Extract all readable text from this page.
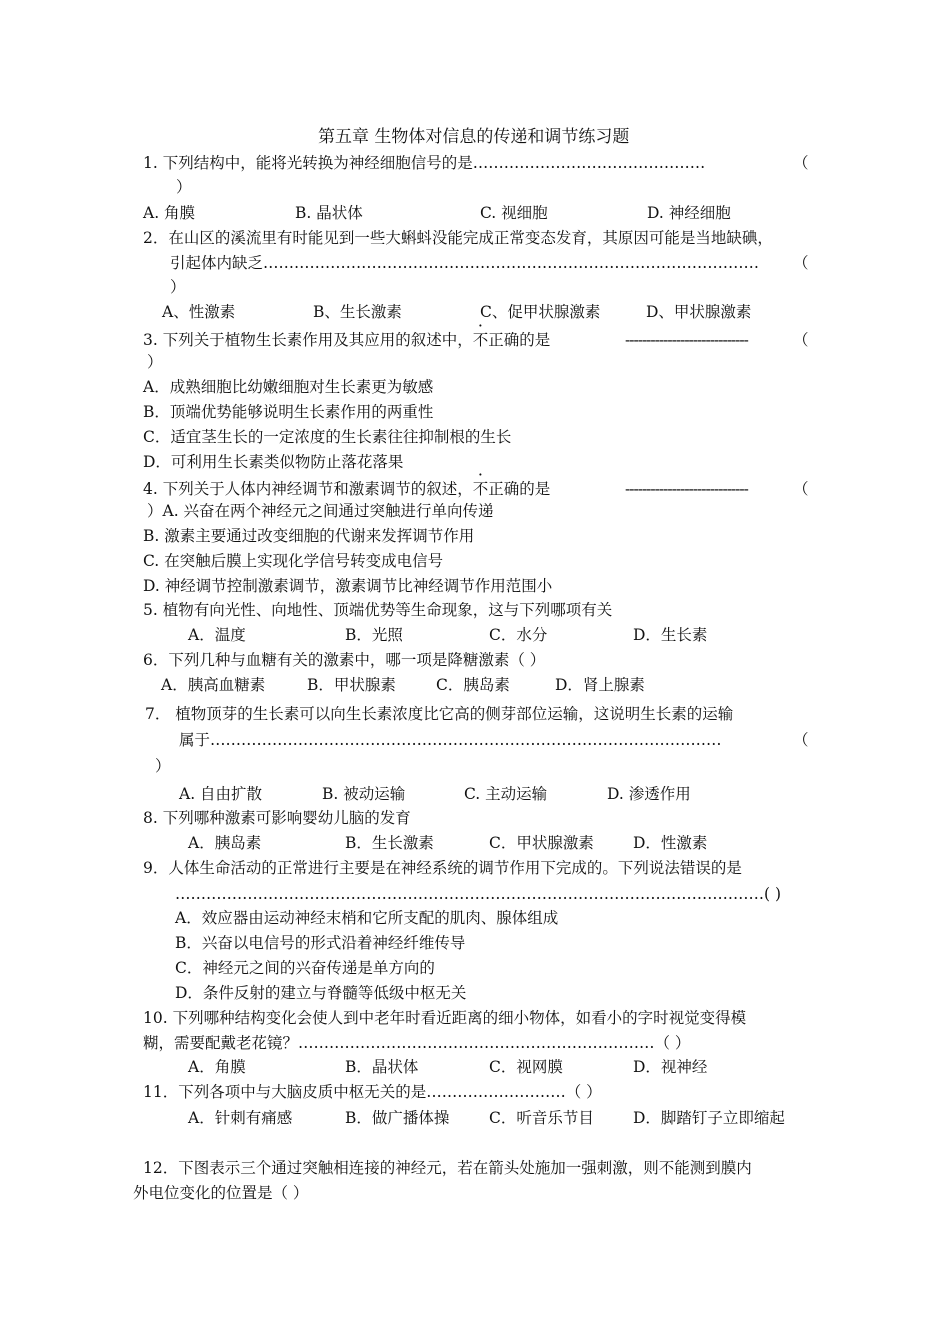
第五章 生物体对信息的传递和调节练习题
1. 下列结构中，能将光转换为神经细胞信号的是………………………………………	（
）
A. 角膜	B. 晶状体	C. 视细胞	D. 神经细胞
2．在山区的溪流里有时能见到一些大蝌蚪没能完成正常变态发育，其原因可能是当地缺碘，
引起体内缺乏…………………………………………………………………………………… （
）
A、性激素	B、生长激素	C、促甲状腺激素	D、甲状腺激素
3. 下列关于植物生长素作用及其应用的叙述中，不正确的是	-----------------------------	（
）
A．成熟细胞比幼嫩细胞对生长素更为敏感
B．顶端优势能够说明生长素作用的两重性
C．适宜茎生长的一定浓度的生长素往往抑制根的生长
D．可利用生长素类似物防止落花落果
4. 下列关于人体内神经调节和激素调节的叙述，不正确的是	-----------------------------	（
）A. 兴奋在两个神经元之间通过突触进行单向传递
B. 激素主要通过改变细胞的代谢来发挥调节作用
C. 在突触后膜上实现化学信号转变成电信号
D. 神经调节控制激素调节，激素调节比神经调节作用范围小
5. 植物有向光性、向地性、顶端优势等生命现象，这与下列哪项有关
A．温度	B．光照	C．水分	D．生长素
6．下列几种与血糖有关的激素中，哪一项是降糖激素（ ）
A．胰高血糖素	B．甲状腺素	C．胰岛素	D．肾上腺素
7． 植物顶芽的生长素可以向生长素浓度比它高的侧芽部位运输，这说明生长素的运输
属于………………………………………………………………………………………	（
）
A. 自由扩散	B. 被动运输	C. 主动运输	D. 渗透作用
8. 下列哪种激素可影响婴幼儿脑的发育
A．胰岛素	B．生长激素	C．甲状腺激素	D．性激素
9．人体生命活动的正常进行主要是在神经系统的调节作用下完成的。下列说法错误的是
……………………………………………………………………………………………………( )
A．效应器由运动神经末梢和它所支配的肌肉、腺体组成
B．兴奋以电信号的形式沿着神经纤维传导
C．神经元之间的兴奋传递是单方向的
D．条件反射的建立与脊髓等低级中枢无关
10. 下列哪种结构变化会使人到中老年时看近距离的细小物体，如看小的字时视觉变得模
糊，需要配戴老花镜？……………………………………………………………（ ）
A．角膜	B．晶状体	C．视网膜	D．视神经
11．下列各项中与大脑皮质中枢无关的是………………………（ ）
A．针刺有痛感	B．做广播体操	C．听音乐节目	D．脚踏钉子立即缩起
12．下图表示三个通过突触相连接的神经元，若在箭头处施加一强刺激，则不能测到膜内
外电位变化的位置是（ ）
